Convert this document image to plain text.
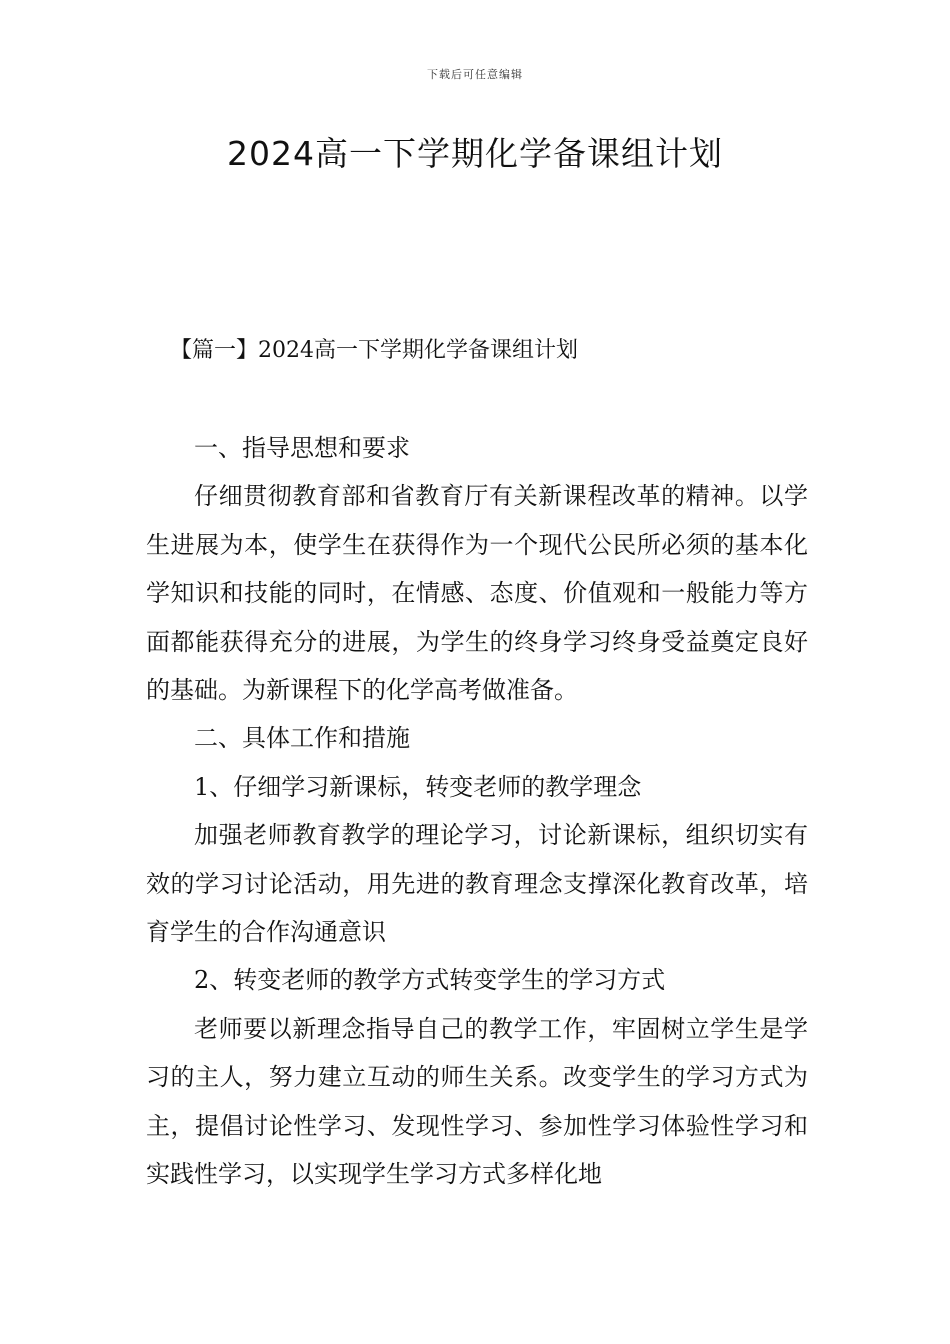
下载后可任意编辑
2024高一下学期化学备课组计划
【篇一】2024高一下学期化学备课组计划

一、指导思想和要求

仔细贯彻教育部和省教育厅有关新课程改革的精神。以学生进展为本，使学生在获得作为一个现代公民所必须的基本化学知识和技能的同时，在情感、态度、价值观和一般能力等方面都能获得充分的进展，为学生的终身学习终身受益奠定良好的基础。为新课程下的化学高考做准备。

二、具体工作和措施

1、仔细学习新课标，转变老师的教学理念

加强老师教育教学的理论学习，讨论新课标，组织切实有效的学习讨论活动，用先进的教育理念支撑深化教育改革，培育学生的合作沟通意识

2、转变老师的教学方式转变学生的学习方式

老师要以新理念指导自己的教学工作，牢固树立学生是学习的主人，努力建立互动的师生关系。改变学生的学习方式为主，提倡讨论性学习、发现性学习、参加性学习体验性学习和实践性学习，以实现学生学习方式多样化地
